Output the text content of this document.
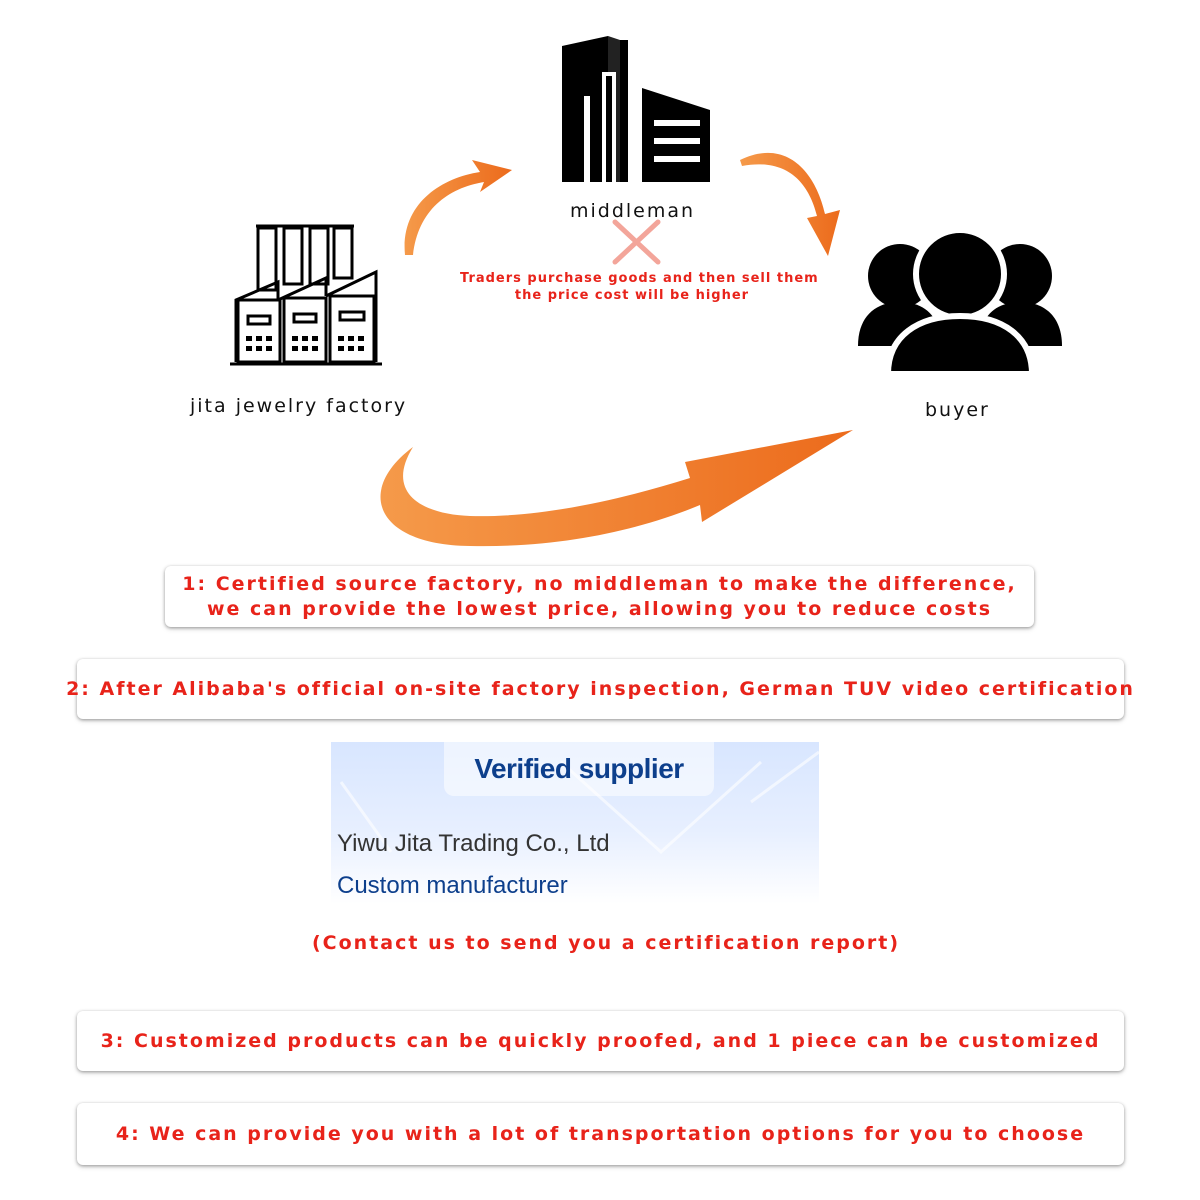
middleman
jita jewelry factory	buyer
Traders purchase goods and then sell them
the price cost will be higher
1: Certified source factory, no middleman to make the difference,
we can provide the lowest price, allowing you to reduce costs
2: After Alibaba's official on-site factory inspection, German TUV video certification
Verified supplier
Yiwu Jita Trading Co., Ltd
Custom manufacturer
(Contact us to send you a certification report)
3: Customized products can be quickly proofed, and 1 piece can be customized
4: We can provide you with a lot of transportation options for you to choose
